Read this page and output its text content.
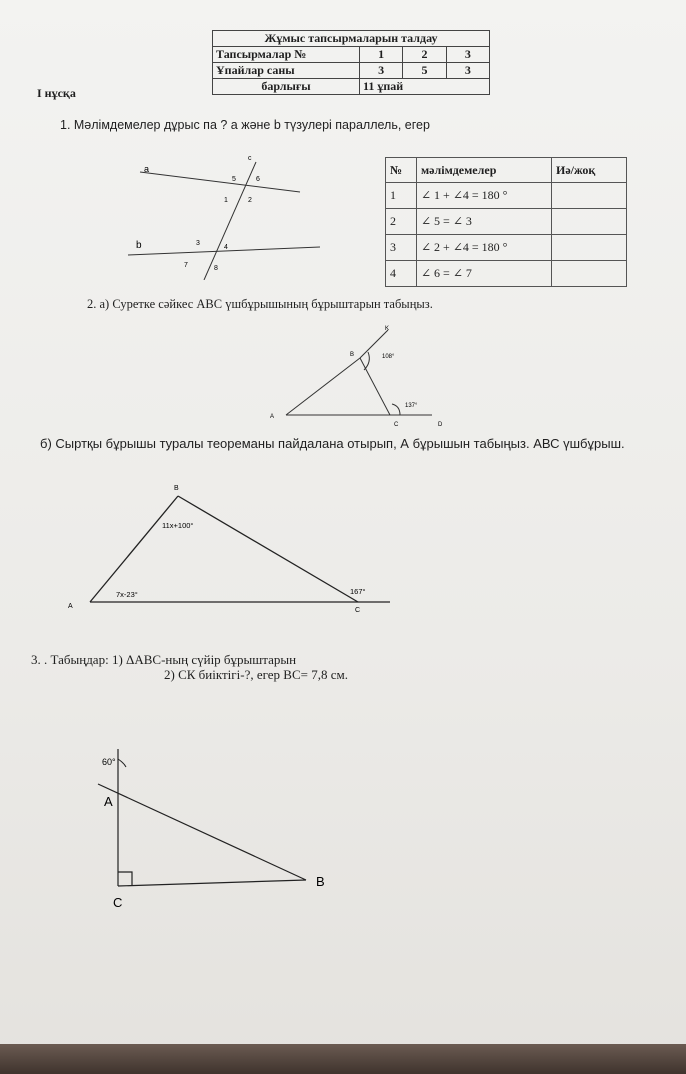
Жұмыс тапсырмаларын талдау			
Тапсырмалар №	1	2	3
Ұпайлар саны	3	5	3
барлығы	11 ұпай		
I нұсқа
1. Мәлімдемелер дұрыс па ? a және b түзулері параллель, егер
a
b
c
1	2
3
4
5	6
7	8
№	мәлімдемелер	Иә/жоқ
1	∠ 1 + ∠4 = 180 °	
2	∠ 5 = ∠ 3	
3	∠ 2 + ∠4 = 180 °	
4	∠ 6 = ∠ 7	
2. а) Суретке сәйкес АВС үшбұрышының бұрыштарын табыңыз.
K
B
A
C	D
108°
137°
б) Сыртқы бұрышы туралы теореманы пайдалана отырып, А бұрышын табыңыз. АВС үшбұрыш.
B
A
C
11x+100°
7x-23°	167°
3. . Табыңдар: 1) ΔАВС-ның сүйір бұрыштарын
2) СК биіктігі-?, егер ВС= 7,8 см.
60°
A
B
C
